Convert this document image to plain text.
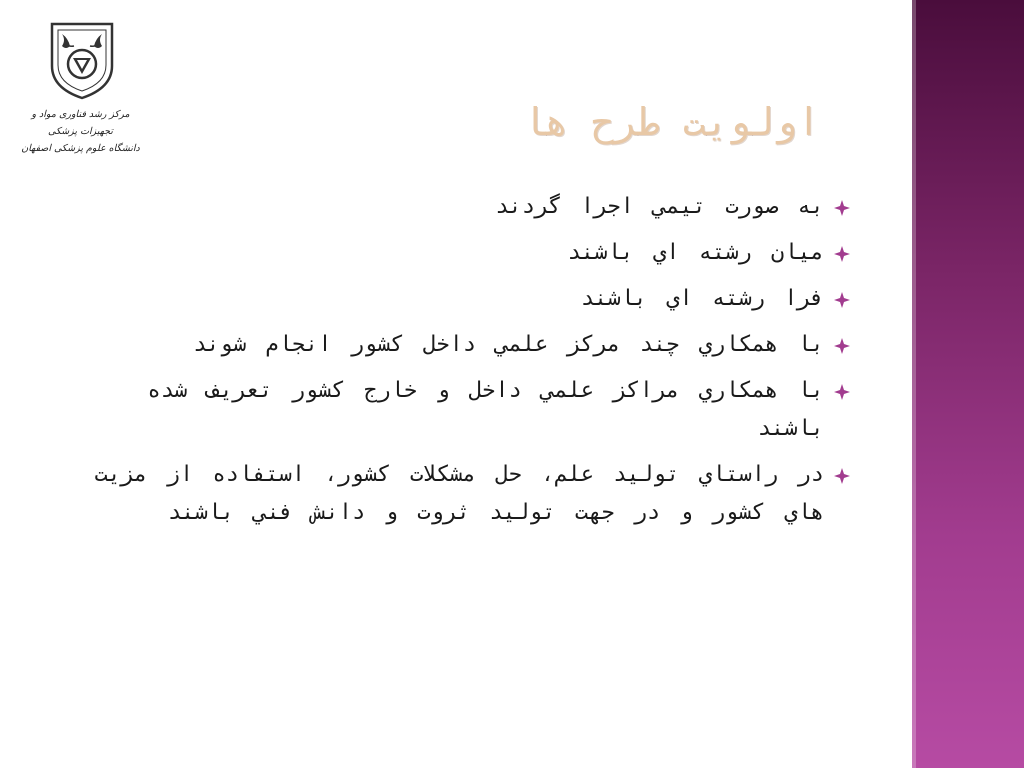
مرکز رشد فناوری مواد و تجهیزات پزشکی
دانشگاه علوم پزشکی اصفهان
اولويت طرح ها
به صورت تيمي اجرا گردند
ميان رشته اي باشند
فرا رشته اي باشند
با همكاري چند مركز علمي داخل كشور انجام شوند
با همكاري مراكز علمي داخل و خارج كشور تعريف شده باشند
در راستاي توليد علم، حل مشكلات كشور، استفاده از مزيت هاي كشور و در جهت توليد ثروت و دانش فني باشند
